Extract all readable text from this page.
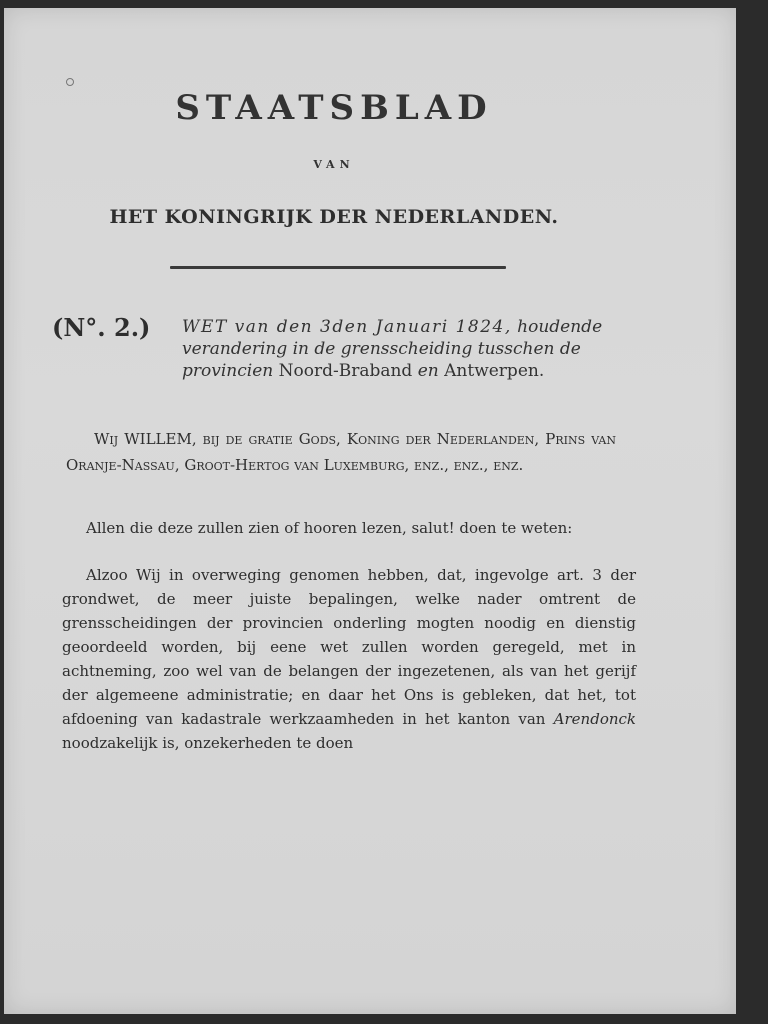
STAATSBLAD
VAN
HET KONINGRIJK DER NEDERLANDEN.
(N°. 2.) WET van den 3den Januari 1824, houdende verandering in de grensscheiding tusschen de provincien Noord-Braband en Antwerpen.
Wij WILLEM, bij de gratie Gods, Koning der Nederlanden, Prins van Oranje-Nassau, Groot-Hertog van Luxemburg, enz., enz., enz.
Allen die deze zullen zien of hooren lezen, salut! doen te weten:
Alzoo Wij in overweging genomen hebben, dat, ingevolge art. 3 der grondwet, de meer juiste bepalingen, welke nader omtrent de grensscheidingen der provincien onderling mogten noodig en dienstig geoordeeld worden, bij eene wet zullen worden geregeld, met in achtneming, zoo wel van de belangen der ingezetenen, als van het gerijf der algemeene administratie; en daar het Ons is gebleken, dat het, tot afdoening van kadastrale werkzaamheden in het kanton van Arendonck noodzakelijk is, onzekerheden te doen
